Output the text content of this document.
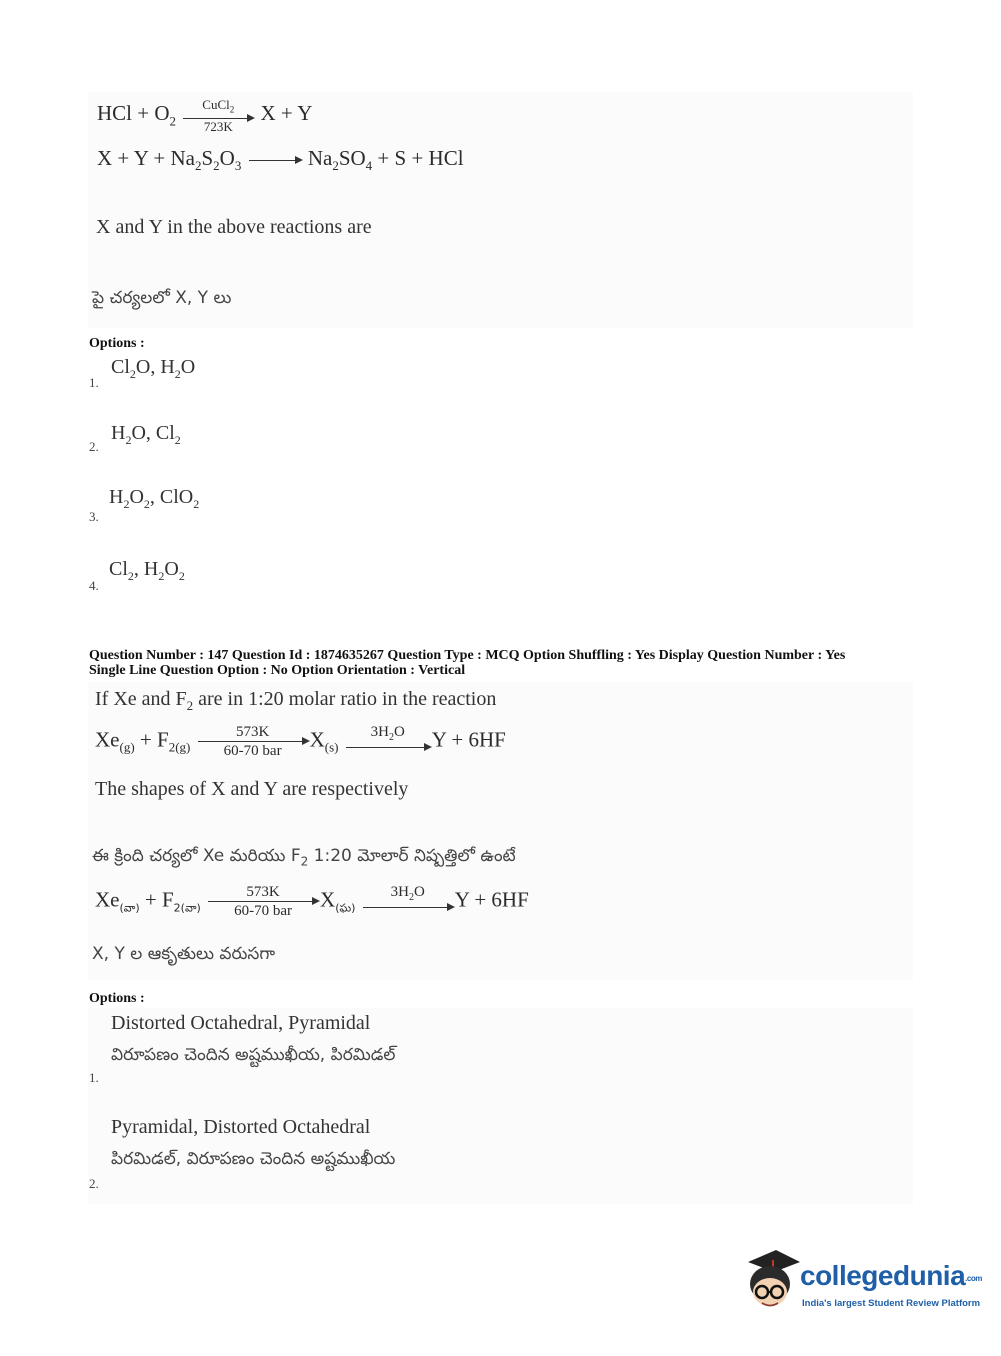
HCl + $O_2$
CuCl$_2$
723K
X + Y
$X + Y + Na_2S_2O_3$	$Na_2SO_4 + S$ + HCl
X and Y in the above reactions are
పై చర్యలలో X, Y లు
Options :
1.
$Cl_2O$, $H_2O$
2.
$H_2O$, $Cl_2$
3.
$H_2O_2$, ClO$_2$
4.
$Cl_2$, $H_2O_2$
Question Number : 147 Question Id : 1874635267 Question Type : MCQ Option Shuffling : Yes Display Question Number : Yes
Single Line Question Option : No Option Orientation : Vertical
If Xe and $F_2$ are in 1:20 molar ratio in the reaction
$Xe_{(g)} + F_{2(g)}$
573K
60-70 bar	$X_{(s)}$
$3H_2O$	Y + 6HF
The shapes of X and Y are respectively
ఈ క్రింది చర్యలో Xe మరియు $F_2$ 1:20 మోలార్ నిష్పత్తిలో ఉంటే
$Xe_{(వా)} + F_{2(వా)}$
573K
60-70 bar	$X_{(ఘ)}$
$3H_2O$	Y + 6HF
X, Y ల ఆకృతులు వరుసగా
Options :
1.
Distorted Octahedral, Pyramidal
విరూపణం చెందిన అష్టముఖీయ, పిరమిడల్
2.
Pyramidal, Distorted Octahedral
పిరమిడల్, విరూపణం చెందిన అష్టముఖీయ
collegedunia.com
India's largest Student Review Platform
